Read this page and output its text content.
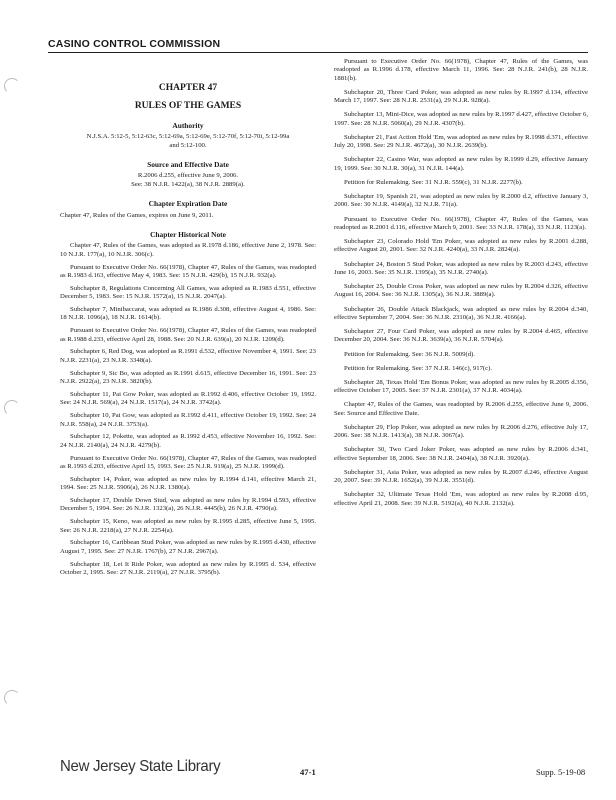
CASINO CONTROL COMMISSION
CHAPTER 47
RULES OF THE GAMES
Authority
N.J.S.A. 5:12-5, 5:12-63c, 5:12-69a, 5:12-69e, 5:12-70f, 5:12-70i, 5:12-99a and 5:12-100.
Source and Effective Date
R.2006 d.255, effective June 9, 2006.
See: 38 N.J.R. 1422(a), 38 N.J.R. 2889(a).
Chapter Expiration Date
Chapter 47, Rules of the Games, expires on June 9, 2011.
Chapter Historical Note

Chapter 47, Rules of the Games, was adopted as R.1978 d.186, effective June 2, 1978. See: 10 N.J.R. 177(a), 10 N.J.R. 306(c).

Pursuant to Executive Order No. 66(1978), Chapter 47, Rules of the Games, was readopted as R.1983 d.163, effective May 4, 1983. See: 15 N.J.R. 429(b), 15 N.J.R. 932(a).

Subchapter 8, Regulations Concerning All Games, was adopted as R.1983 d.551, effective December 5, 1983. See: 15 N.J.R. 1572(a), 15 N.J.R. 2047(a).

Subchapter 7, Minibaccarat, was adopted as R.1986 d.308, effective August 4, 1986. See: 18 N.J.R. 1096(a), 18 N.J.R. 1614(b).

Pursuant to Executive Order No. 66(1978), Chapter 47, Rules of the Games, was readopted as R.1988 d.233, effective April 28, 1988. See: 20 N.J.R. 639(a), 20 N.J.R. 1209(d).

Subchapter 6, Red Dog, was adopted as R.1991 d.532, effective November 4, 1991. See: 23 N.J.R. 2231(a), 23 N.J.R. 3348(a).

Subchapter 9, Sic Bo, was adopted as R.1991 d.615, effective December 16, 1991. See: 23 N.J.R. 2922(a), 23 N.J.R. 3820(b).

Subchapter 11, Pai Gow Poker, was adopted as R.1992 d.406, effective October 19, 1992. See: 24 N.J.R. 569(a), 24 N.J.R. 1517(a), 24 N.J.R. 3742(a).

Subchapter 10, Pai Gow, was adopted as R.1992 d.411, effective October 19, 1992. See: 24 N.J.R. 558(a), 24 N.J.R. 3753(a).

Subchapter 12, Pokette, was adopted as R.1992 d.453, effective November 16, 1992. See: 24 N.J.R. 2140(a), 24 N.J.R. 4279(b).

Pursuant to Executive Order No. 66(1978), Chapter 47, Rules of the Games, was readopted as R.1993 d.203, effective April 15, 1993. See: 25 N.J.R. 919(a), 25 N.J.R. 1999(d).

Subchapter 14, Poker, was adopted as new rules by R.1994 d.141, effective March 21, 1994. See: 25 N.J.R. 5906(a), 26 N.J.R. 1380(a).

Subchapter 17, Double Down Stud, was adopted as new rules by R.1994 d.593, effective December 5, 1994. See: 26 N.J.R. 1323(a), 26 N.J.R. 4445(b), 26 N.J.R. 4790(a).

Subchapter 15, Keno, was adopted as new rules by R.1995 d.285, effective June 5, 1995. See: 26 N.J.R. 2218(a), 27 N.J.R. 2254(a).

Subchapter 16, Caribbean Stud Poker, was adopted as new rules by R.1995 d.430, effective August 7, 1995. See: 27 N.J.R. 1767(b), 27 N.J.R. 2967(a).

Subchapter 18, Let It Ride Poker, was adopted as new rules by R.1995 d. 534, effective October 2, 1995. See: 27 N.J.R. 2119(a), 27 N.J.R. 3795(b).

Pursuant to Executive Order No. 66(1978), Chapter 47, Rules of the Games, was readopted as R.1996 d.178, effective March 11, 1996. See: 28 N.J.R. 241(b), 28 N.J.R. 1881(b).

Subchapter 20, Three Card Poker, was adopted as new rules by R.1997 d.134, effective March 17, 1997. See: 28 N.J.R. 2531(a), 29 N.J.R. 928(a).

Subchapter 13, Mini-Dice, was adopted as new rules by R.1997 d.427, effective October 6, 1997. See: 28 N.J.R. 5060(a), 29 N.J.R. 4307(b).

Subchapter 21, Fast Action Hold 'Em, was adopted as new rules by R.1998 d.371, effective July 20, 1998. See: 29 N.J.R. 4672(a), 30 N.J.R. 2639(b).

Subchapter 22, Casino War, was adopted as new rules by R.1999 d.29, effective January 19, 1999. See: 30 N.J.R. 30(a), 31 N.J.R. 144(a).

Petition for Rulemaking. See: 31 N.J.R. 559(c), 31 N.J.R. 2277(b).

Subchapter 19, Spanish 21, was adopted as new rules by R.2000 d.2, effective January 3, 2000. See: 30 N.J.R. 4149(a), 32 N.J.R. 71(a).

Pursuant to Executive Order No. 66(1978), Chapter 47, Rules of the Games, was readopted as R.2001 d.116, effective March 9, 2001. See: 33 N.J.R. 178(a), 33 N.J.R. 1123(a).

Subchapter 23, Colorado Hold 'Em Poker, was adopted as new rules by R.2001 d.288, effective August 20, 2001. See: 32 N.J.R. 4240(a), 33 N.J.R. 2824(a).

Subchapter 24, Boston 5 Stud Poker, was adopted as new rules by R.2003 d.243, effective June 16, 2003. See: 35 N.J.R. 1395(a), 35 N.J.R. 2740(a).

Subchapter 25, Double Cross Poker, was adopted as new rules by R.2004 d.326, effective August 16, 2004. See: 36 N.J.R. 1305(a), 36 N.J.R. 3889(a).

Subchapter 26, Double Attack Blackjack, was adopted as new rules by R.2004 d.340, effective September 7, 2004. See: 36 N.J.R. 2310(a), 36 N.J.R. 4166(a).

Subchapter 27, Four Card Poker, was adopted as new rules by R.2004 d.465, effective December 20, 2004. See: 36 N.J.R. 3639(a), 36 N.J.R. 5704(a).

Petition for Rulemaking. See: 36 N.J.R. 5009(d).

Petition for Rulemaking. See: 37 N.J.R. 146(c), 917(c).

Subchapter 28, Texas Hold 'Em Bonus Poker, was adopted as new rules by R.2005 d.356, effective October 17, 2005. See: 37 N.J.R. 2301(a), 37 N.J.R. 4034(a).

Chapter 47, Rules of the Games, was readopted by R.2006 d.255, effective June 9, 2006. See: Source and Effective Date.

Subchapter 29, Flop Poker, was adopted as new rules by R.2006 d.276, effective July 17, 2006. See: 38 N.J.R. 1413(a), 38 N.J.R. 3067(a).

Subchapter 30, Two Card Joker Poker, was adopted as new rules by R.2006 d.341, effective September 18, 2006. See: 38 N.J.R. 2404(a), 38 N.J.R. 3920(a).

Subchapter 31, Asia Poker, was adopted as new rules by R.2007 d.246, effective August 20, 2007. See: 39 N.J.R. 1652(a), 39 N.J.R. 3551(d).

Subchapter 32, Ultimate Texas Hold 'Em, was adopted as new rules by R.2008 d.95, effective April 21, 2008. See: 39 N.J.R. 5192(a), 40 N.J.R. 2132(a).

New Jersey State Library	47-1	Supp. 5-19-08
